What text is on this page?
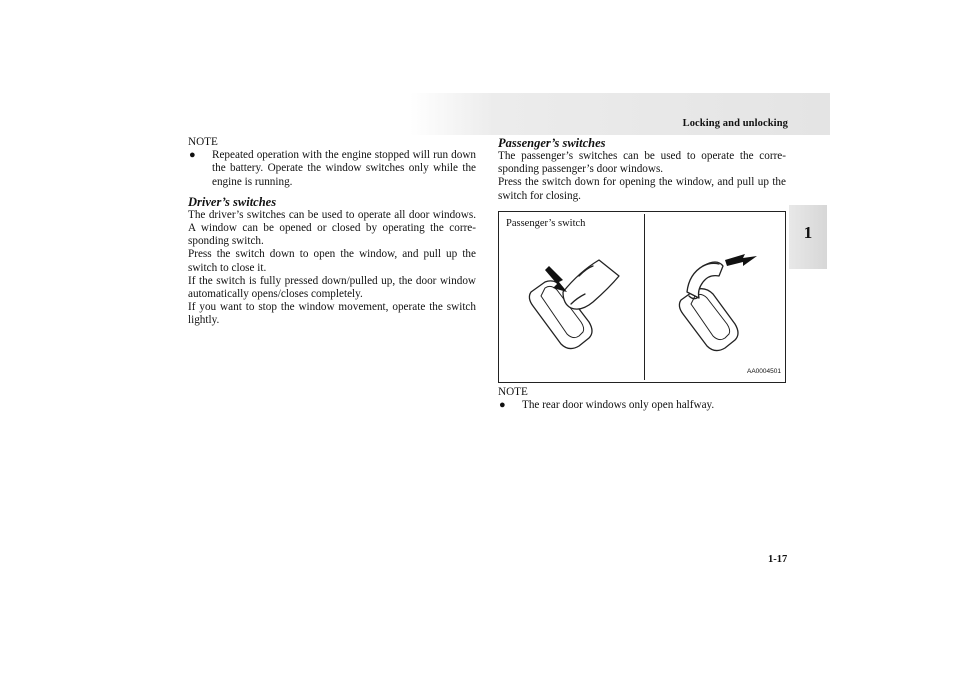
Locking and unlocking
1

NOTE

●	Repeated operation with the engine stopped will run down the battery. Operate the window switches only while the engine is running.
Driver’s switches

The driver’s switches can be used to operate all door windows. A window can be opened or closed by operating the corre-sponding switch.

Press the switch down to open the window, and pull up the switch to close it.

If the switch is fully pressed down/pulled up, the door window automatically opens/closes completely.

If you want to stop the window movement, operate the switch lightly.

Passenger’s switches

The passenger’s switches can be used to operate the corre-sponding passenger’s door windows.

Press the switch down for opening the window, and pull up the switch for closing.

Passenger’s switch
AA0004501

NOTE

●	The rear door windows only open halfway.
1-17
